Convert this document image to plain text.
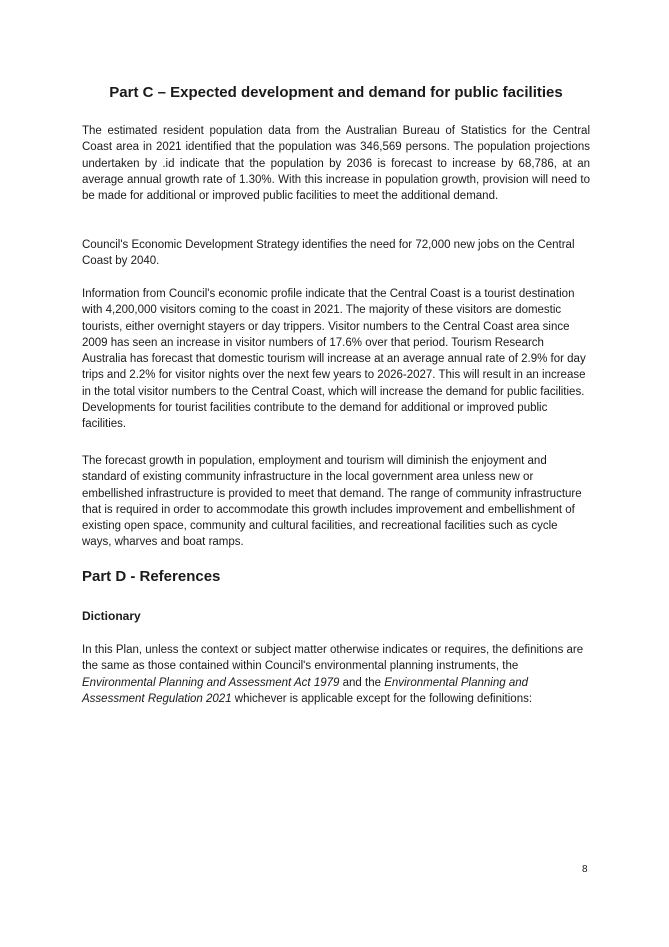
Part C – Expected development and demand for public facilities

The estimated resident population data from the Australian Bureau of Statistics for the Central Coast area in 2021 identified that the population was 346,569 persons. The population projections undertaken by .id indicate that the population by 2036 is forecast to increase by 68,786, at an average annual growth rate of 1.30%. With this increase in population growth, provision will need to be made for additional or improved public facilities to meet the additional demand.

Council's Economic Development Strategy identifies the need for 72,000 new jobs on the Central Coast by 2040.

Information from Council's economic profile indicate that the Central Coast is a tourist destination with 4,200,000 visitors coming to the coast in 2021. The majority of these visitors are domestic tourists, either overnight stayers or day trippers. Visitor numbers to the Central Coast area since 2009 has seen an increase in visitor numbers of 17.6% over that period. Tourism Research Australia has forecast that domestic tourism will increase at an average annual rate of 2.9% for day trips and 2.2% for visitor nights over the next few years to 2026-2027. This will result in an increase in the total visitor numbers to the Central Coast, which will increase the demand for public facilities. Developments for tourist facilities contribute to the demand for additional or improved public facilities.

The forecast growth in population, employment and tourism will diminish the enjoyment and standard of existing community infrastructure in the local government area unless new or embellished infrastructure is provided to meet that demand. The range of community infrastructure that is required in order to accommodate this growth includes improvement and embellishment of existing open space, community and cultural facilities, and recreational facilities such as cycle ways, wharves and boat ramps.

Part D - References
Dictionary

In this Plan, unless the context or subject matter otherwise indicates or requires, the definitions are the same as those contained within Council's environmental planning instruments, the Environmental Planning and Assessment Act 1979 and the Environmental Planning and Assessment Regulation 2021 whichever is applicable except for the following definitions:

8
